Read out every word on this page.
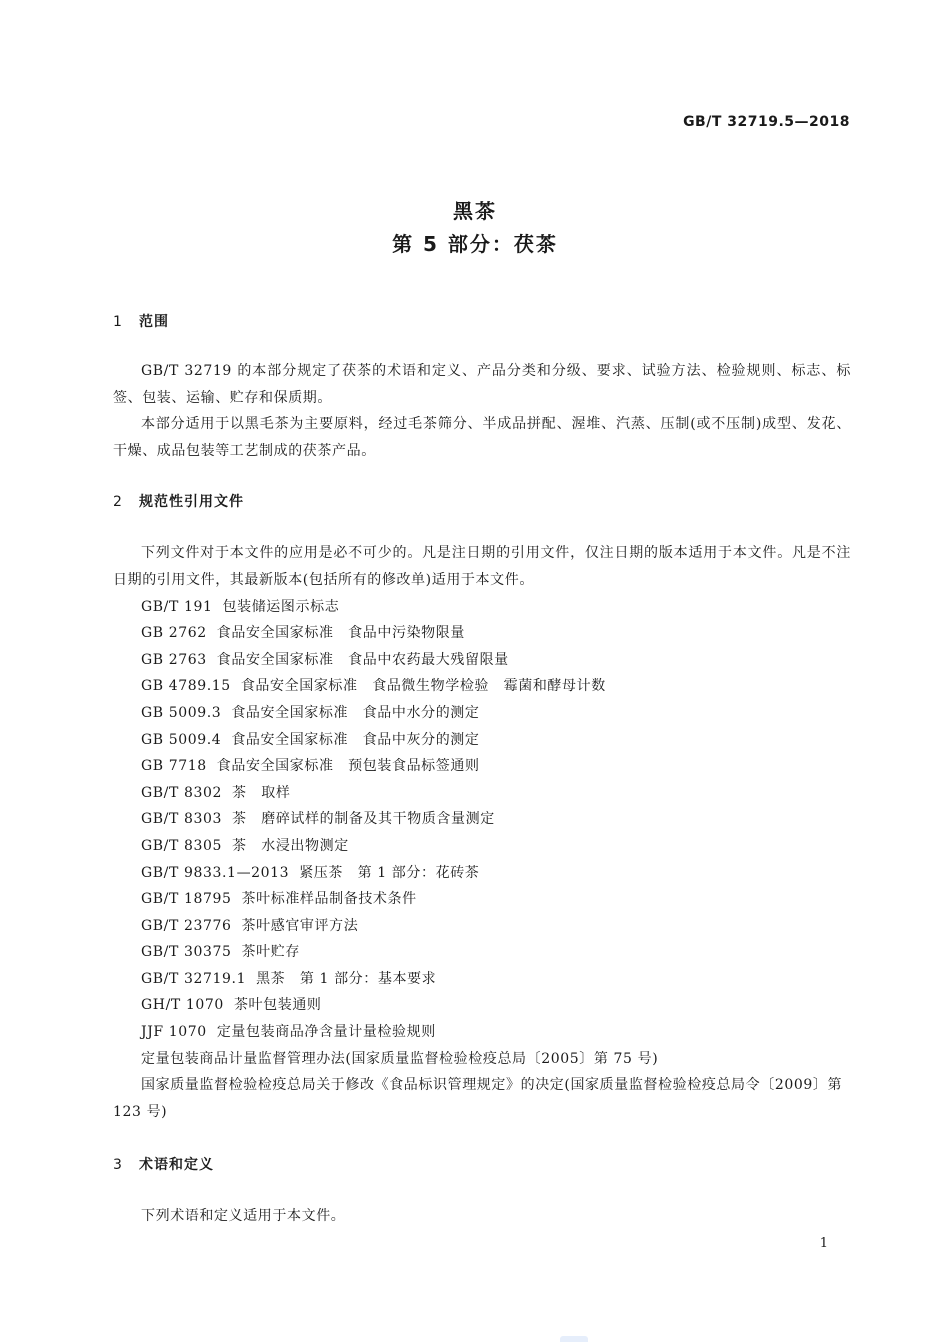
GB/T 32719.5—2018
黑茶
第 5 部分：茯茶
1 范围

GB/T 32719 的本部分规定了茯茶的术语和定义、产品分类和分级、要求、试验方法、检验规则、标志、标签、包装、运输、贮存和保质期。

本部分适用于以黑毛茶为主要原料，经过毛茶筛分、半成品拼配、渥堆、汽蒸、压制(或不压制)成型、发花、干燥、成品包装等工艺制成的茯茶产品。

2 规范性引用文件

下列文件对于本文件的应用是必不可少的。凡是注日期的引用文件，仅注日期的版本适用于本文件。凡是不注日期的引用文件，其最新版本(包括所有的修改单)适用于本文件。

GB/T 191 包装储运图示标志
GB 2762 食品安全国家标准　食品中污染物限量
GB 2763 食品安全国家标准　食品中农药最大残留限量
GB 4789.15 食品安全国家标准　食品微生物学检验　霉菌和酵母计数
GB 5009.3 食品安全国家标准　食品中水分的测定
GB 5009.4 食品安全国家标准　食品中灰分的测定
GB 7718 食品安全国家标准　预包装食品标签通则
GB/T 8302 茶　取样
GB/T 8303 茶　磨碎试样的制备及其干物质含量测定
GB/T 8305 茶　水浸出物测定
GB/T 9833.1—2013 紧压茶　第 1 部分：花砖茶
GB/T 18795 茶叶标准样品制备技术条件
GB/T 23776 茶叶感官审评方法
GB/T 30375 茶叶贮存
GB/T 32719.1 黑茶　第 1 部分：基本要求
GH/T 1070 茶叶包装通则
JJF 1070 定量包装商品净含量计量检验规则
定量包装商品计量监督管理办法(国家质量监督检验检疫总局〔2005〕第 75 号)

国家质量监督检验检疫总局关于修改《食品标识管理规定》的决定(国家质量监督检验检疫总局令〔2009〕第 123 号)

3 术语和定义

下列术语和定义适用于本文件。

1
